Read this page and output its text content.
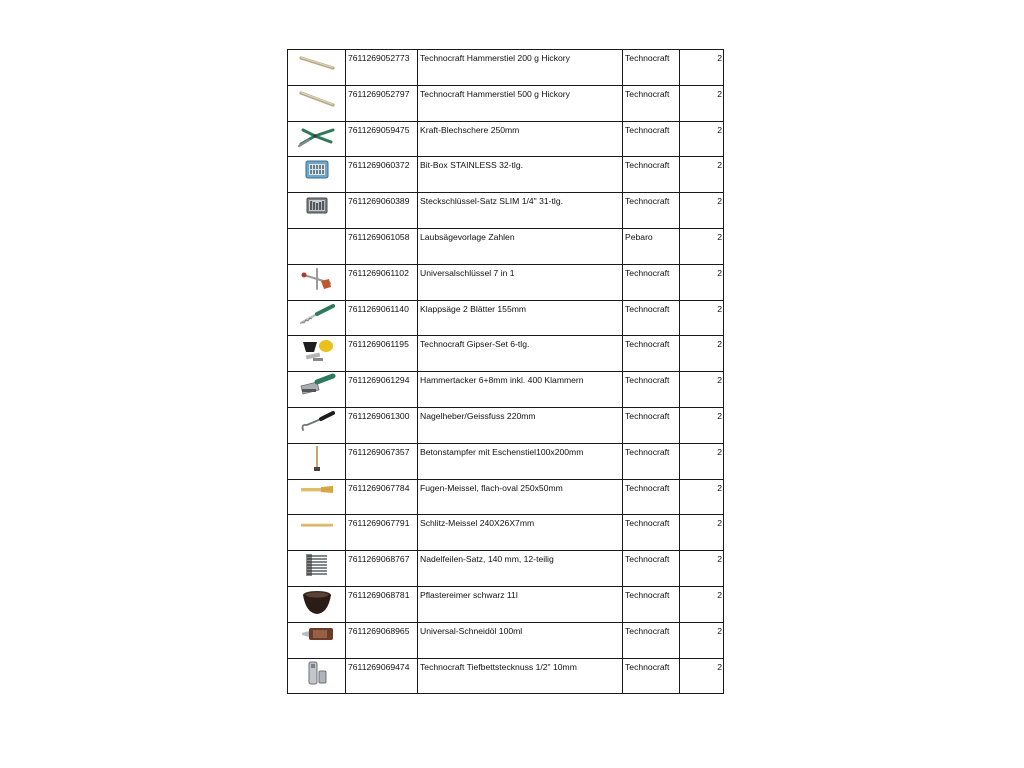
7611269052773	Technocraft Hammerstiel 200 g Hickory	Technocraft	2

7611269052797	Technocraft Hammerstiel 500 g Hickory	Technocraft	2

7611269059475	Kraft-Blechschere 250mm	Technocraft	2

7611269060372	Bit-Box STAINLESS 32-tlg.	Technocraft	2

7611269060389	Steckschlüssel-Satz SLIM 1/4" 31-tlg.	Technocraft	2

	7611269061058	Laubsägevorlage Zahlen	Pebaro	2

7611269061102	Universalschlüssel 7 in 1	Technocraft	2

7611269061140	Klappsäge 2 Blätter 155mm	Technocraft	2

7611269061195	Technocraft Gipser-Set 6-tlg.	Technocraft	2

7611269061294	Hammertacker 6+8mm inkl. 400 Klammern	Technocraft	2

7611269061300	Nagelheber/Geissfuss 220mm	Technocraft	2

7611269067357	Betonstampfer mit Eschenstiel100x200mm	Technocraft	2

7611269067784	Fugen-Meissel, flach-oval 250x50mm	Technocraft	2

7611269067791	Schlitz-Meissel 240X26X7mm	Technocraft	2

7611269068767	Nadelfeilen-Satz, 140 mm, 12-teilig	Technocraft	2

7611269068781	Pflastereimer schwarz 11l	Technocraft	2

7611269068965	Universal-Schneidöl 100ml	Technocraft	2

7611269069474	Technocraft Tiefbettstecknuss 1/2" 10mm	Technocraft	2
